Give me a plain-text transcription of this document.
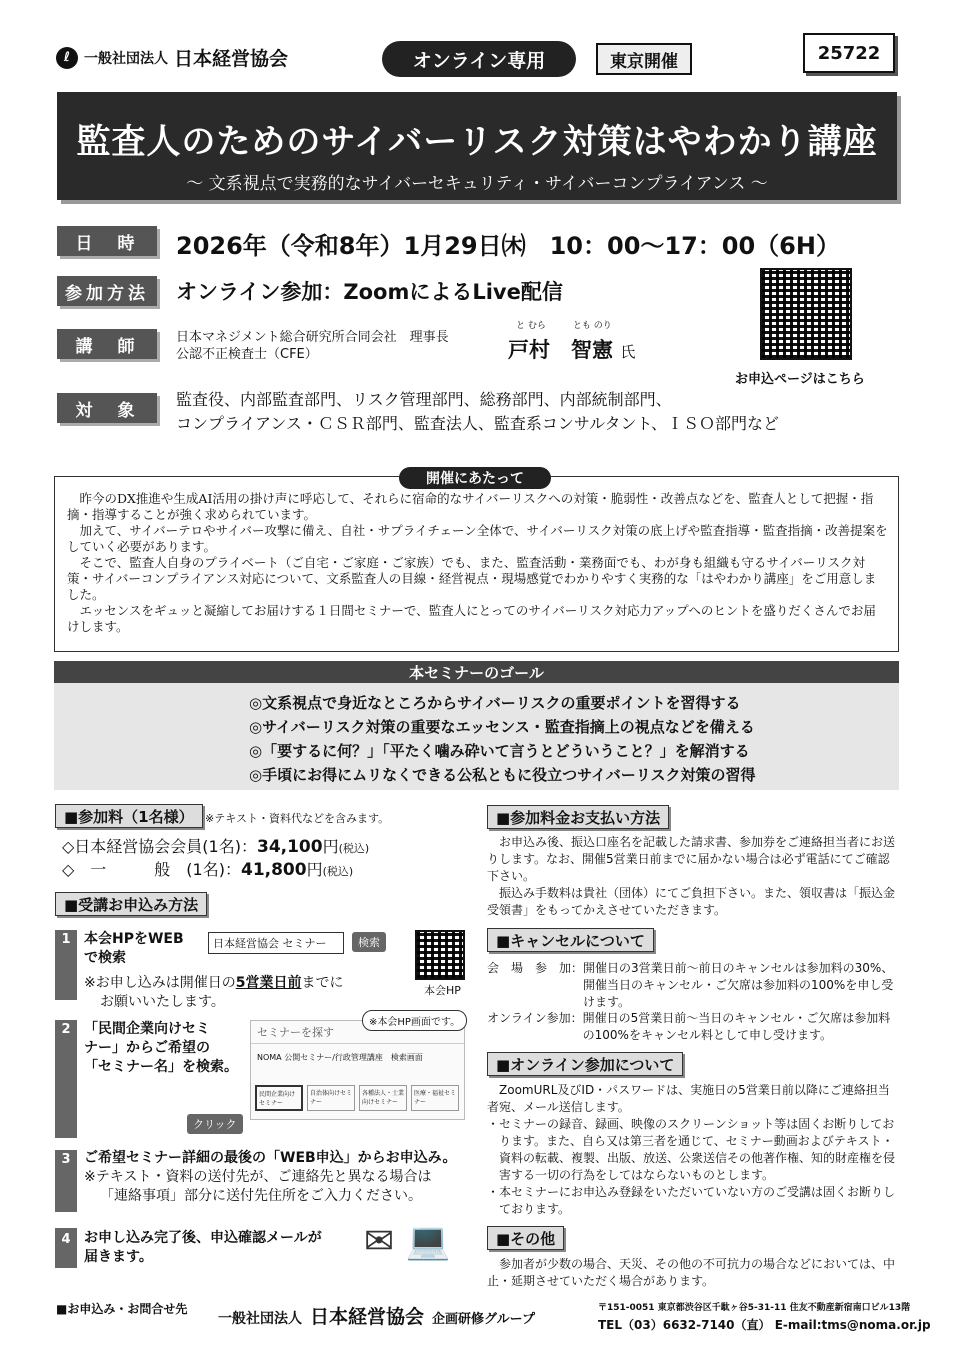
ℓ 一般社団法人 日本経営協会	オンライン専用	東京開催	25722
監査人のためのサイバーリスク対策はやわかり講座

〜 文系視点で実務的なサイバーセキュリティ・サイバーコンプライアンス 〜

日　時	2026年（令和8年）1月29日㈭　10：00〜17：00（6H）
参加方法	オンライン参加：ZoomによるLive配信
講　師	日本マネジメント総合研究所合同会社　理事長
公認不正検査士（CFE）
と むら　　　とも のり
戸村　智憲 氏
対　象
監査役、内部監査部門、リスク管理部門、総務部門、内部統制部門、
コンプライアンス・ＣＳＲ部門、監査法人、監査系コンサルタント、ＩＳＯ部門など
お申込ページはこちら

昨今のDX推進や生成AI活用の掛け声に呼応して、それらに宿命的なサイバーリスクへの対策・脆弱性・改善点などを、監査人として把握・指摘・指導することが強く求められています。

加えて、サイバーテロやサイバー攻撃に備え、自社・サプライチェーン全体で、サイバーリスク対策の底上げや監査指導・監査指摘・改善提案をしていく必要があります。

そこで、監査人自身のプライベート（ご自宅・ご家庭・ご家族）でも、また、監査活動・業務面でも、わが身も組織も守るサイバーリスク対策・サイバーコンプライアンス対応について、文系監査人の目線・経営視点・現場感覚でわかりやすく実務的な「はやわかり講座」をご用意しました。

エッセンスをギュッと凝縮してお届けする１日間セミナーで、監査人にとってのサイバーリスク対応力アップへのヒントを盛りだくさんでお届けします。

開催にあたって
本セミナーのゴール
◎文系視点で身近なところからサイバーリスクの重要ポイントを習得する
◎サイバーリスク対策の重要なエッセンス・監査指摘上の視点などを備える
◎「要するに何？」「平たく噛み砕いて言うとどういうこと？」を解消する
◎手頃にお得にムリなくできる公私ともに役立つサイバーリスク対策の習得
■参加料（1名様）	※テキスト・資料代などを含みます。
◇日本経営協会会員(1名)：34,100円(税込)
◇　一　　　般　(1名)：41,800円(税込)
■受講お申込み方法
1 本会HPをWEB
で検索
日本経営協会 セミナー	検索
本会HP
※お申し込みは開催日の5営業日前までに
お願いいたします。
2 「民間企業向けセミ
ナー」からご希望の
「セミナー名」を検索。
セミナーを探す
NOMA 公開セミナー/行政管理講座　検索画面
民間企業向けセミナー
自治体向けセミナー
各種法人・士業向けセミナー
医療・福祉セミナー
※本会HP画面です。
クリック
3 ご希望セミナー詳細の最後の「WEB申込」からお申込み。
※テキスト・資料の送付先が、ご連絡先と異なる場合は
「連絡事項」部分に送付先住所をご入力ください。
4 お申し込み完了後、申込確認メールが
届きます。	✉ 💻
■参加料金お支払い方法
お申込み後、振込口座名を記載した請求書、参加券をご連絡担当者にお送りします。なお、開催5営業日前までに届かない場合は必ず電話にてご確認下さい。
振込み手数料は貴社（団体）にてご負担下さい。また、領収書は「振込金受領書」をもってかえさせていただきます。
■キャンセルについて
会　場　参　加： 開催日の3営業日前〜前日のキャンセルは参加料の30%、開催当日のキャンセル・ご欠席は参加料の100%を申し受けます。
オンライン参加： 開催日の5営業日前〜当日のキャンセル・ご欠席は参加料の100%をキャンセル料として申し受けます。
■オンライン参加について
ZoomURL及びID・パスワードは、実施日の5営業日前以降にご連絡担当者宛、メール送信します。
・セミナーの録音、録画、映像のスクリーンショット等は固くお断りしております。また、自ら又は第三者を通じて、セミナー動画およびテキスト・資料の転載、複製、出版、放送、公衆送信その他著作権、知的財産権を侵害する一切の行為をしてはならないものとします。
・本セミナーにお申込み登録をいただいていない方のご受講は固くお断りしております。
■その他
参加者が少数の場合、天災、その他の不可抗力の場合などにおいては、中止・延期させていただく場合があります。
■お申込み・お問合せ先
一般社団法人 日本経営協会 企画研修グループ
〒151-0051 東京都渋谷区千駄ヶ谷5-31-11 住友不動産新宿南口ビル13階
TEL（03）6632-7140（直） E-mail:tms@noma.or.jp
